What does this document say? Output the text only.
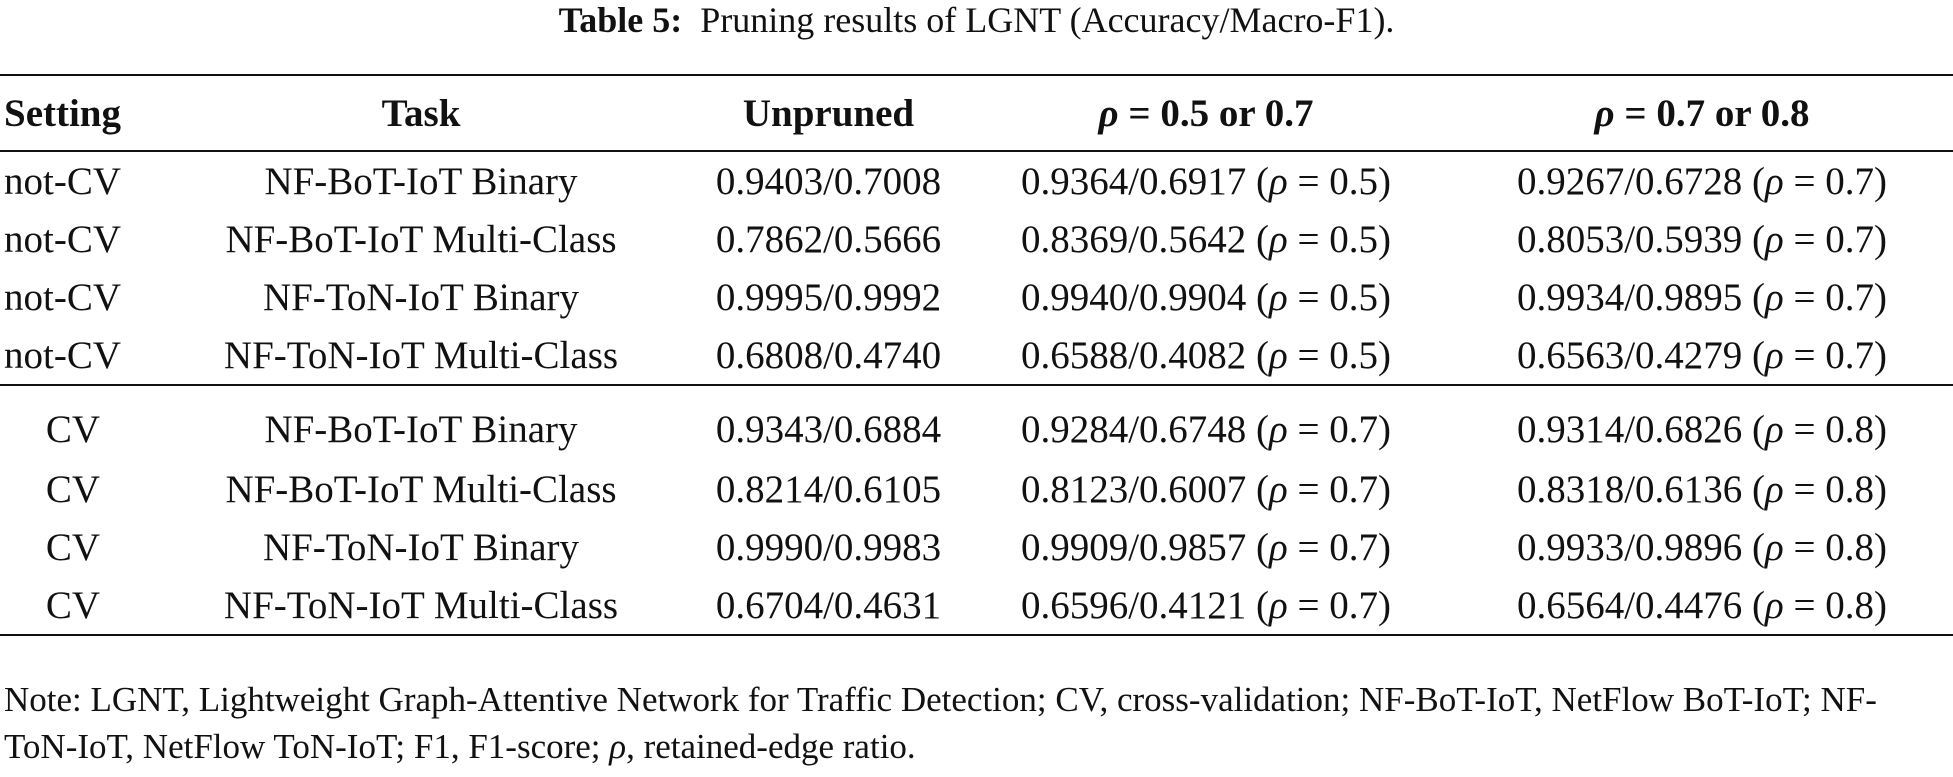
Table 5: Pruning results of LGNT (Accuracy/Macro-F1).
Setting	Task	Unpruned	ρ = 0.5 or 0.7	ρ = 0.7 or 0.8
not-CV	NF-BoT-IoT Binary	0.9403/0.7008	0.9364/0.6917 (ρ = 0.5)	0.9267/0.6728 (ρ = 0.7)
not-CV	NF-BoT-IoT Multi-Class	0.7862/0.5666	0.8369/0.5642 (ρ = 0.5)	0.8053/0.5939 (ρ = 0.7)
not-CV	NF-ToN-IoT Binary	0.9995/0.9992	0.9940/0.9904 (ρ = 0.5)	0.9934/0.9895 (ρ = 0.7)
not-CV	NF-ToN-IoT Multi-Class	0.6808/0.4740	0.6588/0.4082 (ρ = 0.5)	0.6563/0.4279 (ρ = 0.7)
CV	NF-BoT-IoT Binary	0.9343/0.6884	0.9284/0.6748 (ρ = 0.7)	0.9314/0.6826 (ρ = 0.8)
CV	NF-BoT-IoT Multi-Class	0.8214/0.6105	0.8123/0.6007 (ρ = 0.7)	0.8318/0.6136 (ρ = 0.8)
CV	NF-ToN-IoT Binary	0.9990/0.9983	0.9909/0.9857 (ρ = 0.7)	0.9933/0.9896 (ρ = 0.8)
CV	NF-ToN-IoT Multi-Class	0.6704/0.4631	0.6596/0.4121 (ρ = 0.7)	0.6564/0.4476 (ρ = 0.8)
Note: LGNT, Lightweight Graph-Attentive Network for Traffic Detection; CV, cross-validation; NF-BoT-IoT, NetFlow BoT-IoT; NF-ToN-IoT, NetFlow ToN-IoT; F1, F1-score; ρ, retained-edge ratio.
